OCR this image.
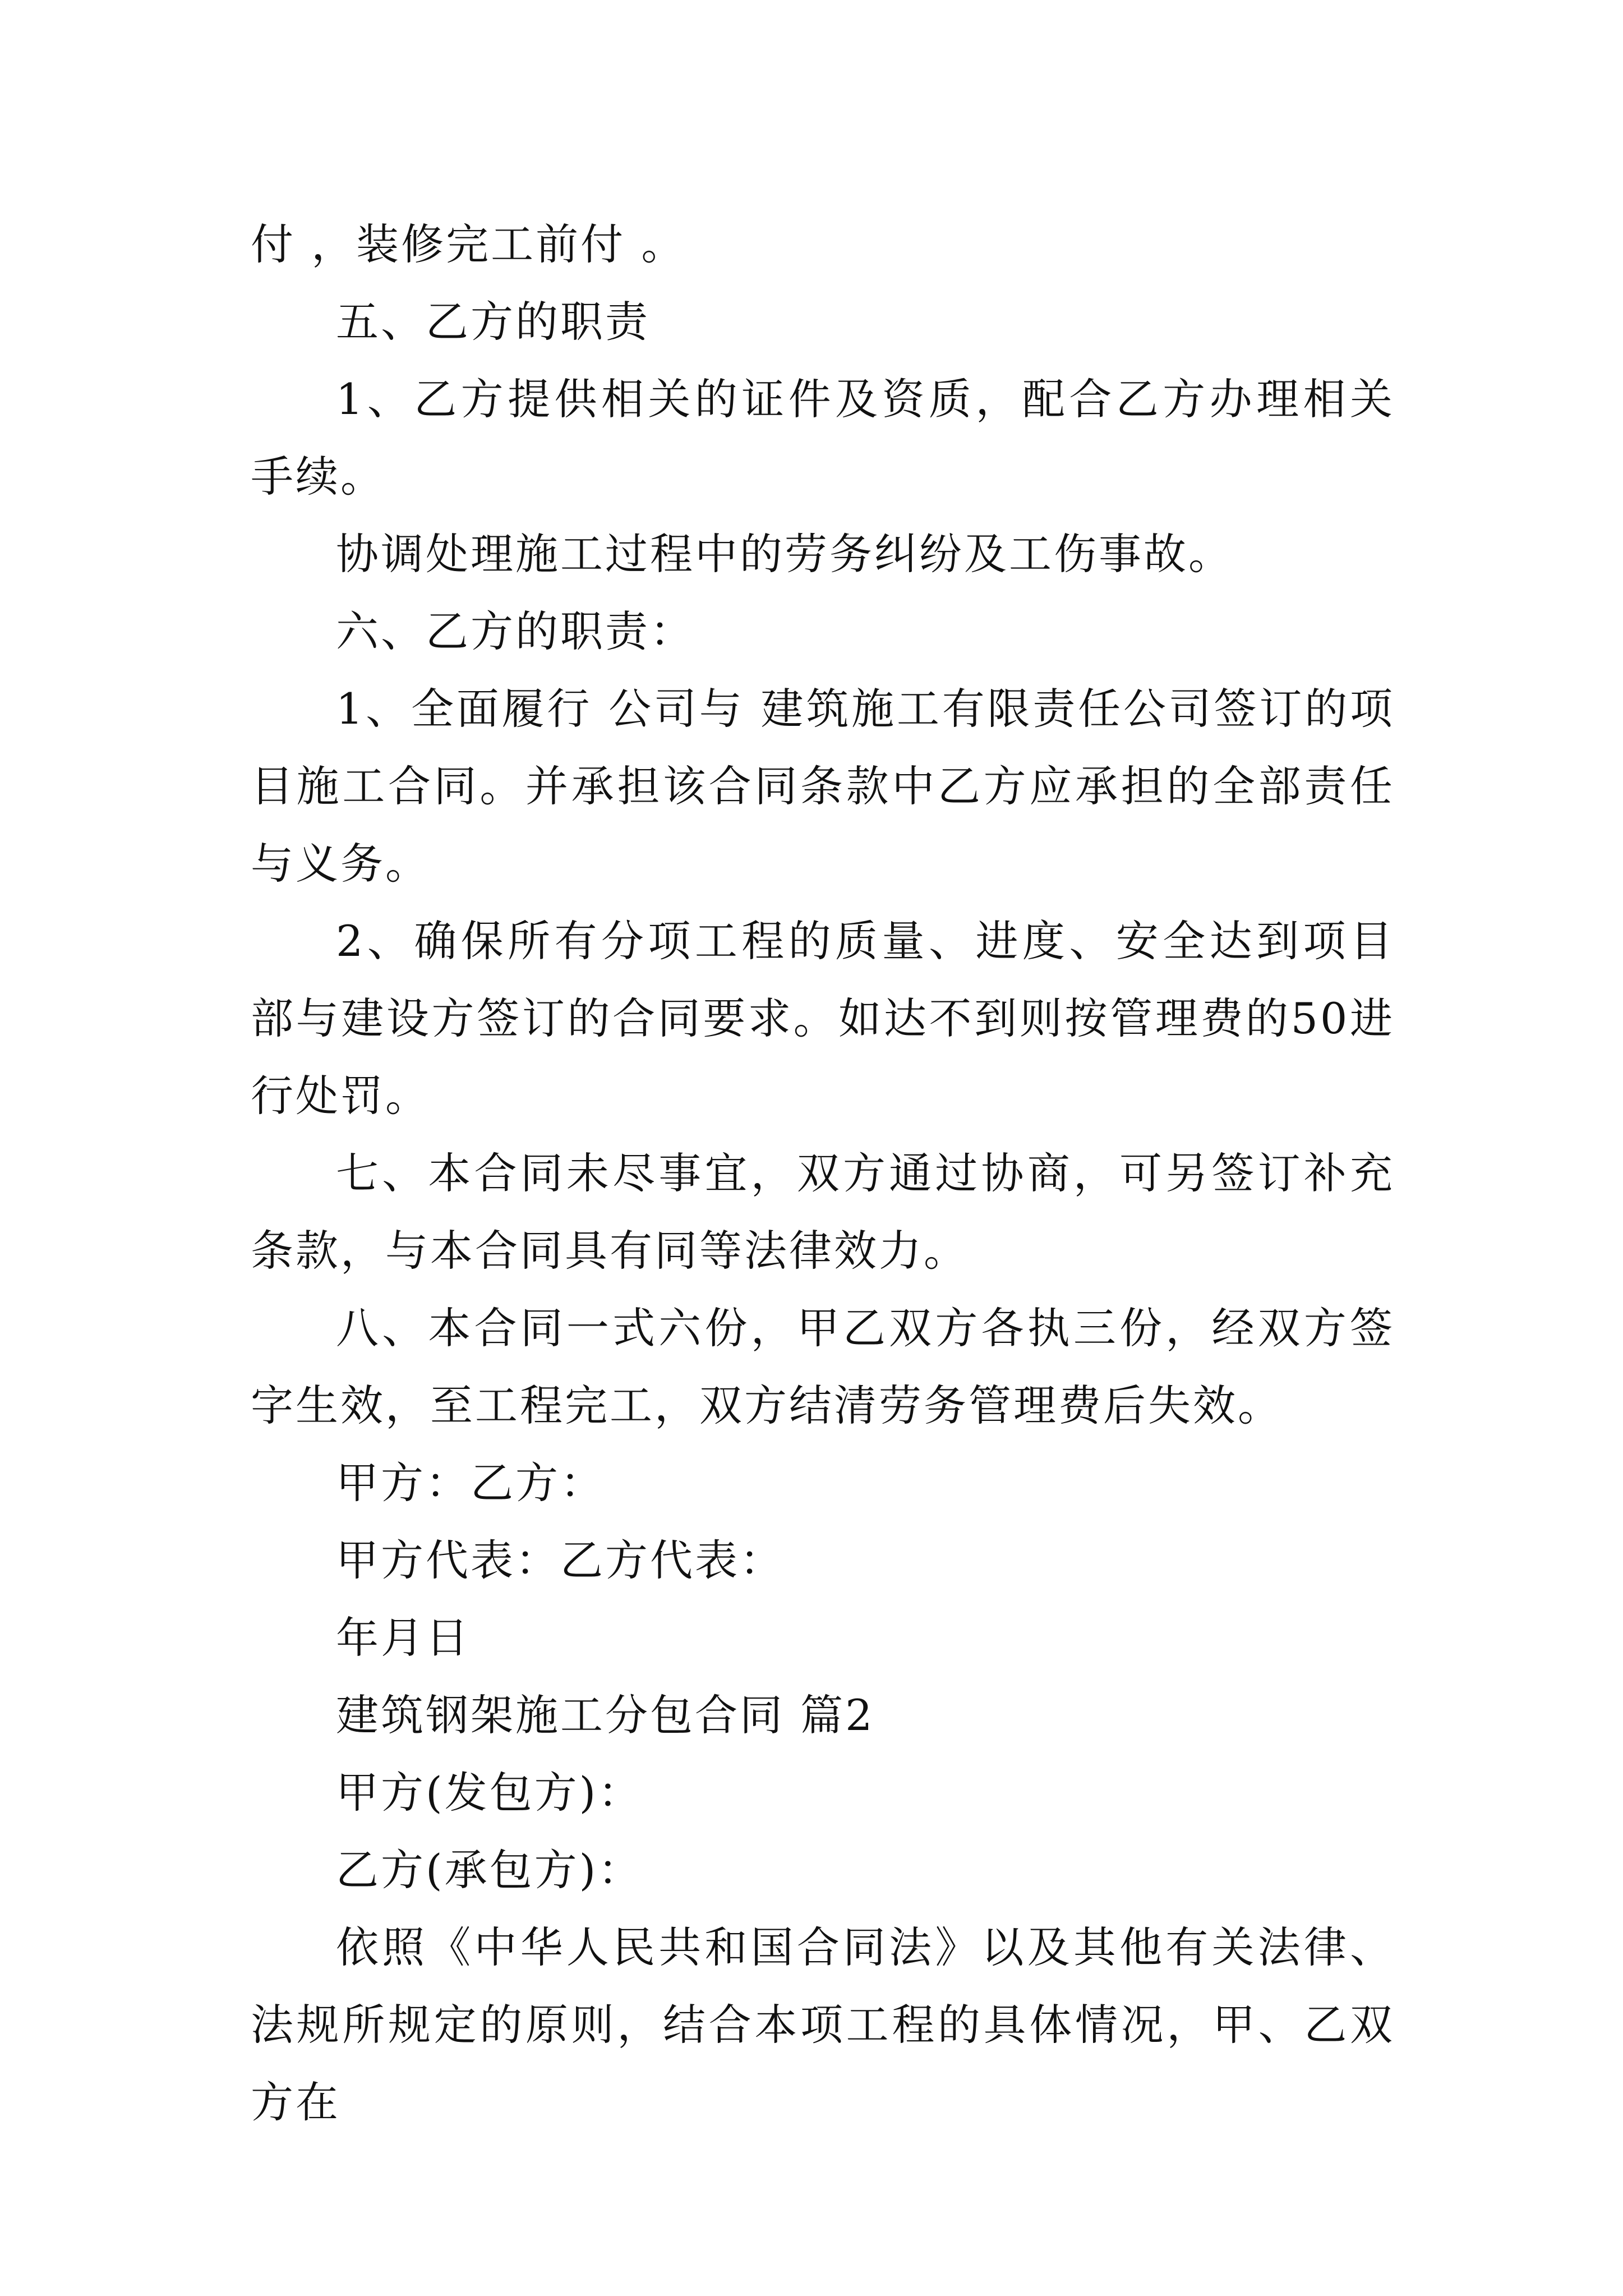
付 ，装修完工前付 。

五、乙方的职责

1、乙方提供相关的证件及资质，配合乙方办理相关手续。

协调处理施工过程中的劳务纠纷及工伤事故。

六、乙方的职责：

1、全面履行 公司与 建筑施工有限责任公司签订的项目施工合同。并承担该合同条款中乙方应承担的全部责任与义务。

2、确保所有分项工程的质量、进度、安全达到项目部与建设方签订的合同要求。如达不到则按管理费的50进行处罚。

七、本合同未尽事宜，双方通过协商，可另签订补充条款，与本合同具有同等法律效力。

八、本合同一式六份，甲乙双方各执三份，经双方签字生效，至工程完工，双方结清劳务管理费后失效。

甲方：乙方：

甲方代表：乙方代表：

年月日

建筑钢架施工分包合同 篇2

甲方(发包方)：

乙方(承包方)：

依照《中华人民共和国合同法》以及其他有关法律、法规所规定的原则，结合本项工程的具体情况，甲、乙双方在
